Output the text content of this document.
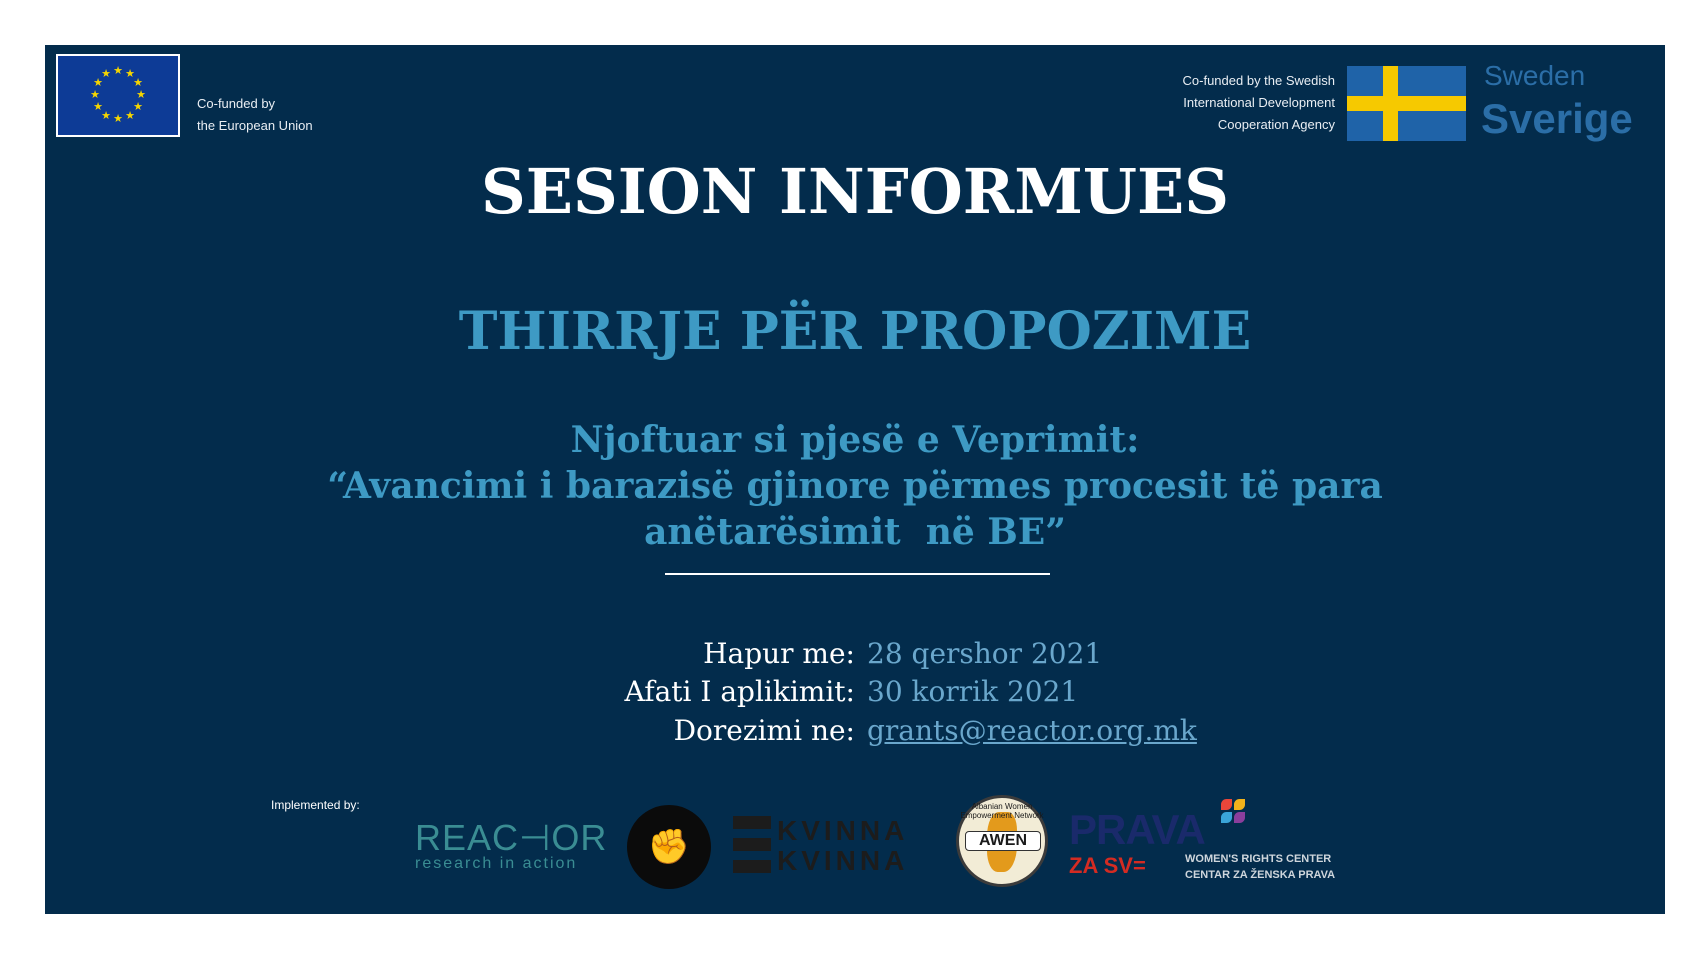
★ ★
★
★
★
★
★
★
★
★
★
★
Co-funded by
the European Union
Co-funded by the Swedish
International Development
Cooperation Agency
Sweden
Sverige
SESION INFORMUES
THIRRJE PËR PROPOZIME
Njoftuar si pjesë e Veprimit:
“Avancimi i barazisë gjinore përmes procesit të para
anëtarësimit  në BE”
Hapur me: 28 qershor 2021
Afati I aplikimit: 30 korrik 2021
Dorezimi ne: grants@reactor.org.mk
Implemented by:
REAC⊣OR
research in action	✊	KVINNA
KVINNA
Albanian Women Empowerment Network
AWEN	PRAVA
ZA SV=	WOMEN'S RIGHTS CENTER
CENTAR ZA ŽENSKA PRAVA
